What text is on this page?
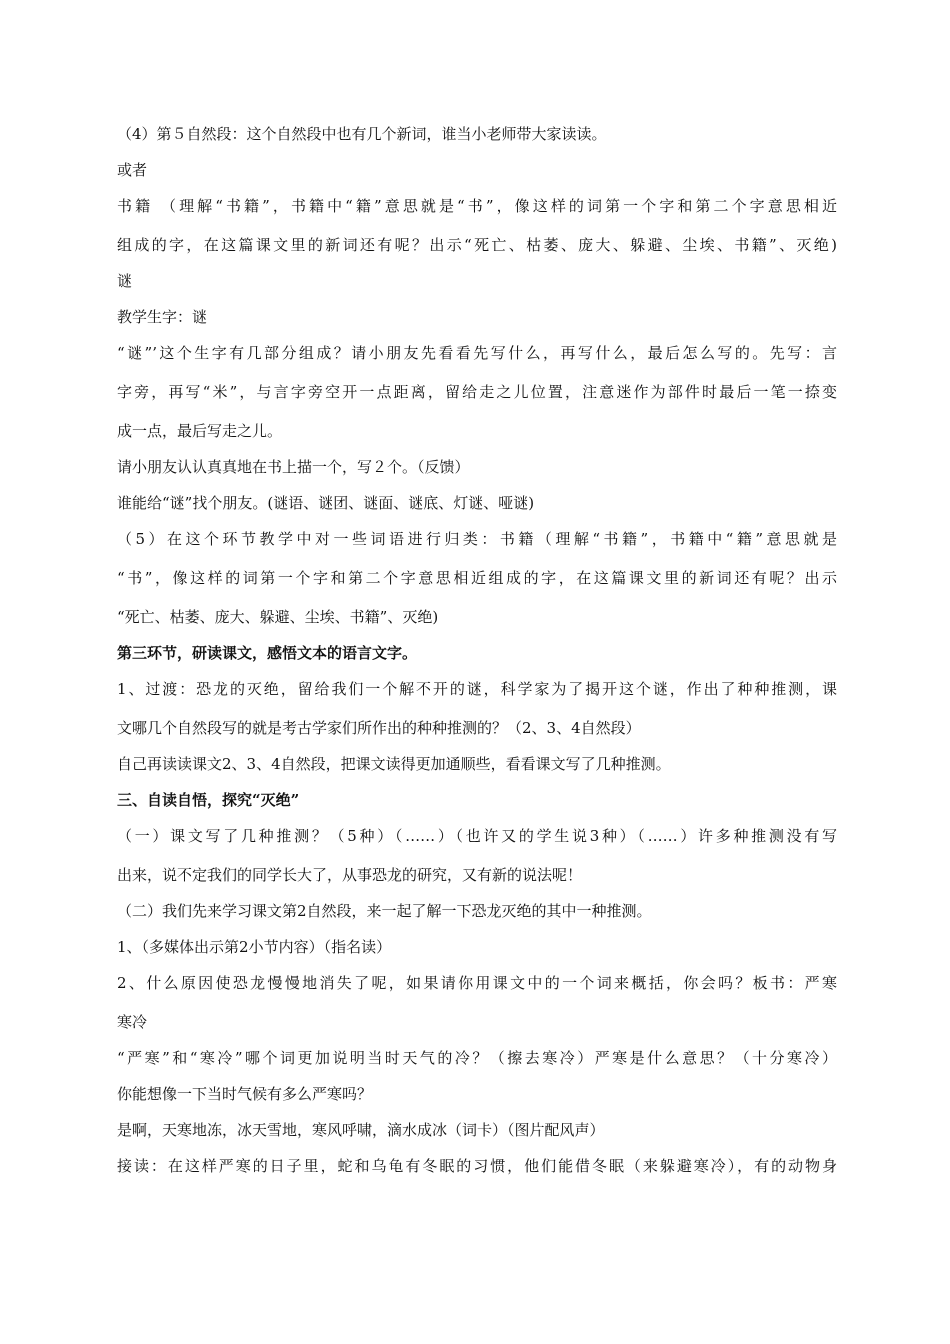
（4）第５自然段：这个自然段中也有几个新词，谁当小老师带大家读读。
或者
书籍 （理解“书籍”，书籍中“籍”意思就是“书”，像这样的词第一个字和第二个字意思相近
组成的字，在这篇课文里的新词还有呢？出示“死亡、枯萎、庞大、躲避、尘埃、书籍”、灭绝)
谜
教学生字：谜
“谜”’这个生字有几部分组成？请小朋友先看看先写什么，再写什么，最后怎么写的。先写：言
字旁，再写“米”，与言字旁空开一点距离，留给走之儿位置，注意迷作为部件时最后一笔一捺变
成一点，最后写走之儿。
请小朋友认认真真地在书上描一个，写２个。（反馈）
谁能给“谜”找个朋友。(谜语、谜团、谜面、谜底、灯谜、哑谜)
（5）在这个环节教学中对一些词语进行归类：书籍（理解“书籍”，书籍中“籍”意思就是
“书”，像这样的词第一个字和第二个字意思相近组成的字，在这篇课文里的新词还有呢？出示
“死亡、枯萎、庞大、躲避、尘埃、书籍”、灭绝)
第三环节，研读课文，感悟文本的语言文字。
1、过渡：恐龙的灭绝，留给我们一个解不开的谜，科学家为了揭开这个谜，作出了种种推测，课
文哪几个自然段写的就是考古学家们所作出的种种推测的？（2、3、4自然段）
自己再读读课文2、3、4自然段，把课文读得更加通顺些，看看课文写了几种推测。
三、自读自悟，探究“灭绝”
（一）课文写了几种推测？（5种）（……）（也许又的学生说3种）（……）许多种推测没有写
出来，说不定我们的同学长大了，从事恐龙的研究，又有新的说法呢！
（二）我们先来学习课文第2自然段，来一起了解一下恐龙灭绝的其中一种推测。
1、（多媒体出示第2小节内容）（指名读）
2、什么原因使恐龙慢慢地消失了呢，如果请你用课文中的一个词来概括，你会吗？板书：严寒
寒冷
“严寒”和“寒冷”哪个词更加说明当时天气的冷？（擦去寒冷）严寒是什么意思？（十分寒冷）
你能想像一下当时气候有多么严寒吗？
是啊，天寒地冻，冰天雪地，寒风呼啸，滴水成冰（词卡）（图片配风声）
接读：在这样严寒的日子里，蛇和乌龟有冬眠的习惯，他们能借冬眠（来躲避寒冷），有的动物身
